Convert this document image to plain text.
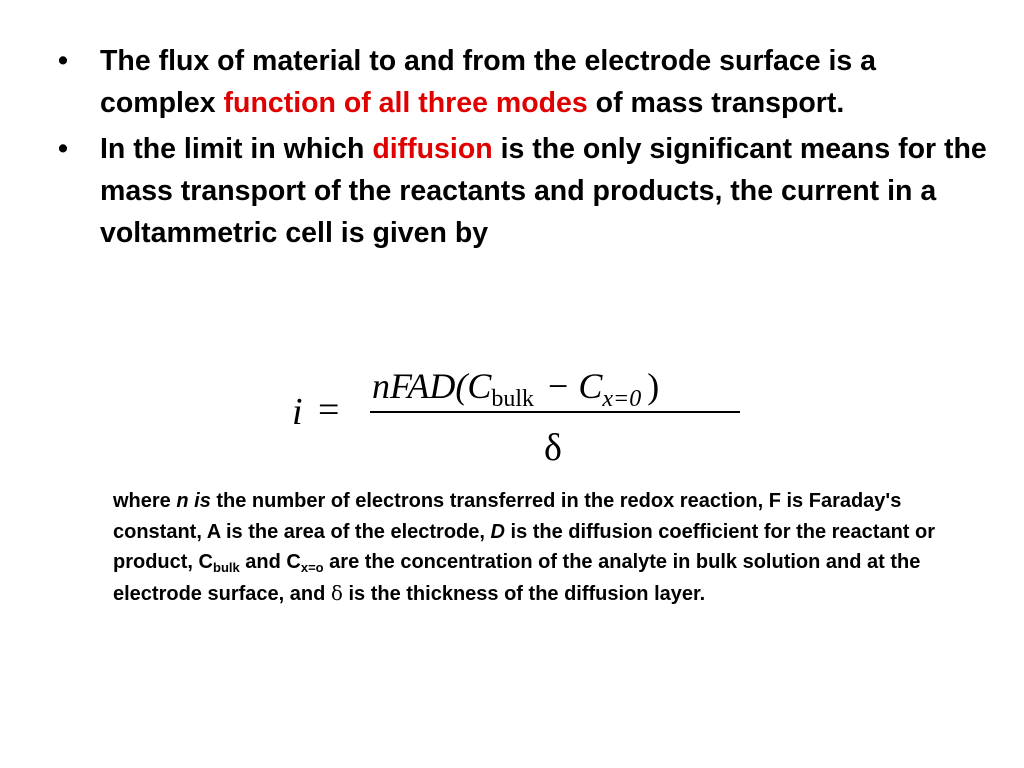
• The flux of material to and from the electrode surface is a complex function of all three modes of mass transport.
• In the limit in which diffusion is the only significant means for the mass transport of the reactants and products, the current in a voltammetric cell is given by
i =
$nFAD(C_{bulk} - C_{x=0}$ )
δ
where n is the number of electrons transferred in the redox reaction, F is Faraday's constant, A is the area of the electrode, D is the diffusion coefficient for the reactant or product, $C_{bulk}$ and $C_{x=o}$ are the concentration of the analyte in bulk solution and at the electrode surface, and δ is the thickness of the diffusion layer.
